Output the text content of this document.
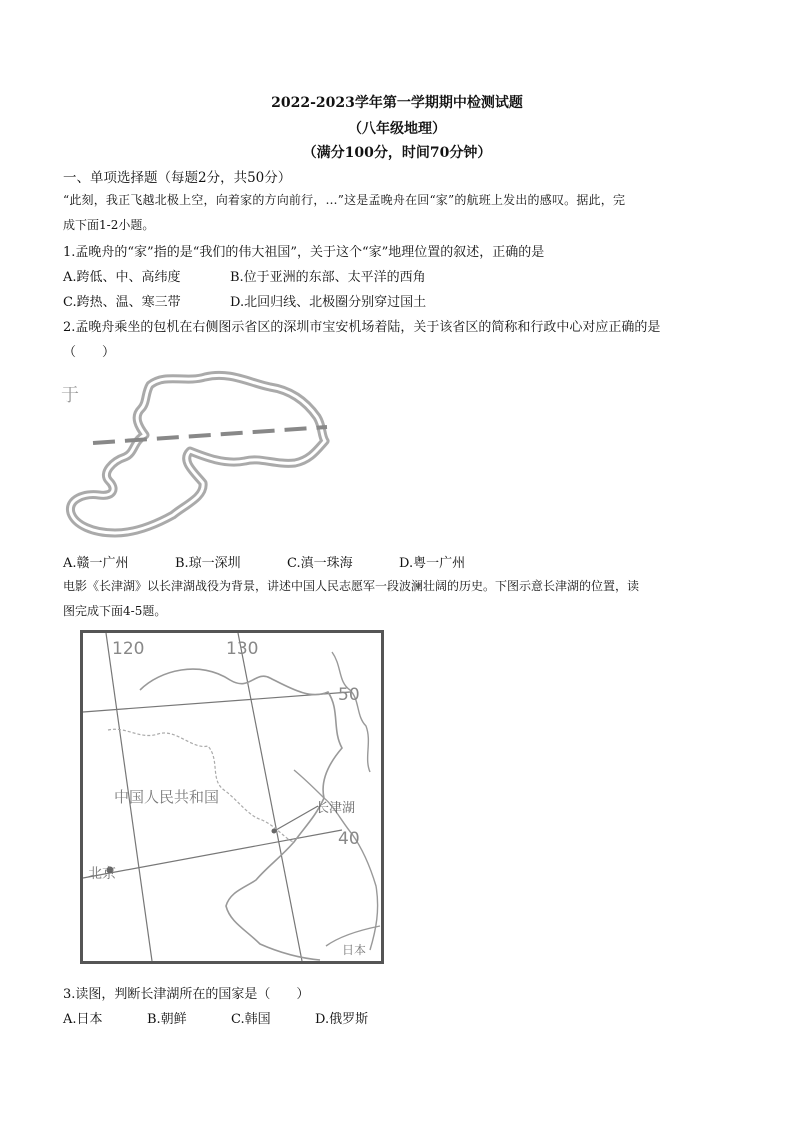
2022-2023学年第一学期期中检测试题
（八年级地理）
（满分100分，时间70分钟）
一、单项选择题（每题2分，共50分）
“此刻，我正飞越北极上空，向着家的方向前行，…”这是孟晚舟在回“家”的航班上发出的感叹。据此，完
成下面1-2小题。
1.孟晚舟的“家”指的是“我们的伟大祖国”，关于这个“家”地理位置的叙述，正确的是
A.跨低、中、高纬度	B.位于亚洲的东部、太平洋的西角
C.跨热、温、寒三带	D.北回归线、北极圈分别穿过国土
2.孟晚舟乘坐的包机在右侧图示省区的深圳市宝安机场着陆，关于该省区的简称和行政中心对应正确的是
（　　）
于
A.赣一广州	B.琼一深圳	C.滇一珠海	D.粤一广州
电影《长津湖》以长津湖战役为背景，讲述中国人民志愿军一段波澜壮阔的历史。下图示意长津湖的位置，读
图完成下面4-5题。
120	130
50
40
中国人民共和国
长津湖
北京
日本
3.读图，判断长津湖所在的国家是（　　）
A.日本	B.朝鲜	C.韩国	D.俄罗斯
